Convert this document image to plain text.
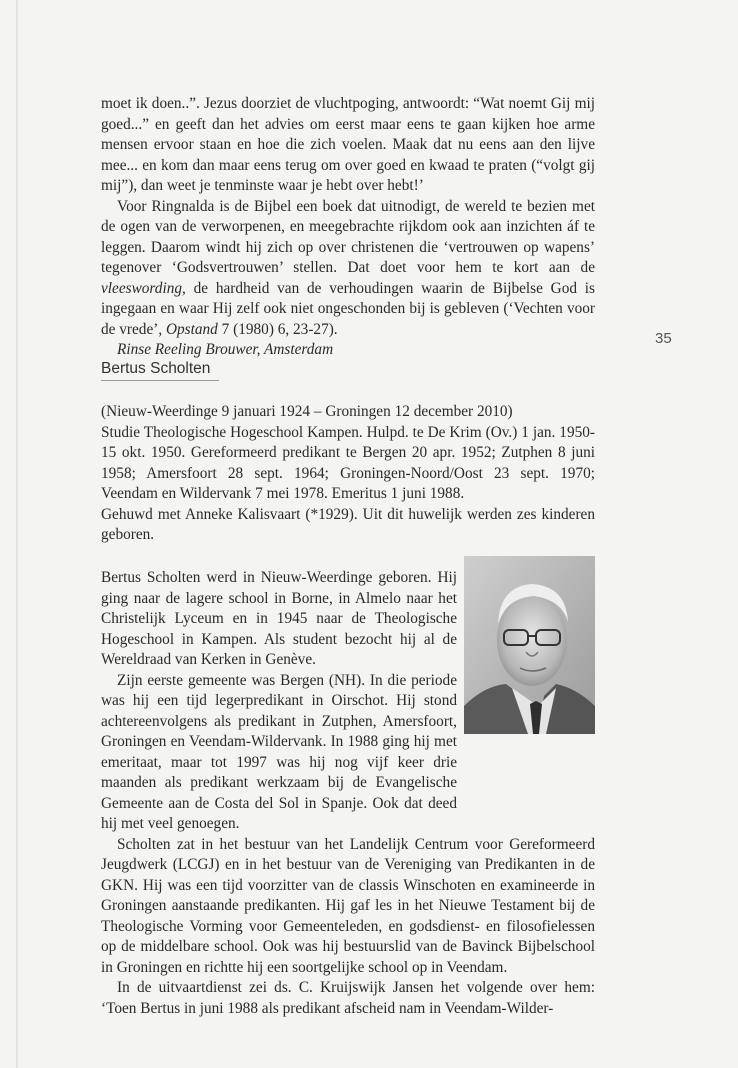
moet ik doen..”. Jezus doorziet de vluchtpoging, antwoordt: “Wat noemt Gij mij goed...” en geeft dan het advies om eerst maar eens te gaan kijken hoe arme mensen ervoor staan en hoe die zich voelen. Maak dat nu eens aan den lijve mee... en kom dan maar eens terug om over goed en kwaad te praten (“volgt gij mij”), dan weet je tenminste waar je hebt over hebt!’

Voor Ringnalda is de Bijbel een boek dat uitnodigt, de wereld te bezien met de ogen van de verworpenen, en meegebrachte rijkdom ook aan inzichten áf te leggen. Daarom windt hij zich op over christenen die ‘vertrouwen op wapens’ tegenover ‘Godsvertrouwen’ stellen. Dat doet voor hem te kort aan de vleeswording, de hardheid van de verhoudingen waarin de Bijbelse God is ingegaan en waar Hij zelf ook niet ongeschonden bij is gebleven (‘Vechten voor de vrede’, Opstand 7 (1980) 6, 23-27).

Rinse Reeling Brouwer, Amsterdam

35
Bertus Scholten

(Nieuw-Weerdinge 9 januari 1924 – Groningen 12 december 2010)

Studie Theologische Hogeschool Kampen. Hulpd. te De Krim (Ov.) 1 jan. 1950-15 okt. 1950. Gereformeerd predikant te Bergen 20 apr. 1952; Zutphen 8 juni 1958; Amersfoort 28 sept. 1964; Groningen-Noord/Oost 23 sept. 1970; Veendam en Wildervank 7 mei 1978. Emeritus 1 juni 1988.

Gehuwd met Anneke Kalisvaart (*1929). Uit dit huwelijk werden zes kinderen geboren.

Bertus Scholten werd in Nieuw-Weerdinge geboren. Hij ging naar de lagere school in Borne, in Almelo naar het Christelijk Lyceum en in 1945 naar de Theologische Hogeschool in Kampen. Als student bezocht hij al de Wereldraad van Kerken in Genève.

Zijn eerste gemeente was Bergen (NH). In die periode was hij een tijd legerpredikant in Oirschot. Hij stond achtereenvolgens als predikant in Zutphen, Amersfoort, Groningen en Veendam-Wildervank. In 1988 ging hij met emeritaat, maar tot 1997 was hij nog vijf keer drie maanden als predikant werkzaam bij de Evangelische Gemeente aan de Costa del Sol in Spanje. Ook dat deed hij met veel genoegen.

Scholten zat in het bestuur van het Landelijk Centrum voor Gereformeerd Jeugdwerk (LCGJ) en in het bestuur van de Vereniging van Predikanten in de GKN. Hij was een tijd voorzitter van de classis Winschoten en examineerde in Groningen aanstaande predikanten. Hij gaf les in het Nieuwe Testament bij de Theologische Vorming voor Gemeenteleden, en godsdienst- en filosofielessen op de middelbare school. Ook was hij bestuurslid van de Bavinck Bijbelschool in Groningen en richtte hij een soortgelijke school op in Veendam.

In de uitvaartdienst zei ds. C. Kruijswijk Jansen het volgende over hem: ‘Toen Bertus in juni 1988 als predikant afscheid nam in Veendam-Wilder-
